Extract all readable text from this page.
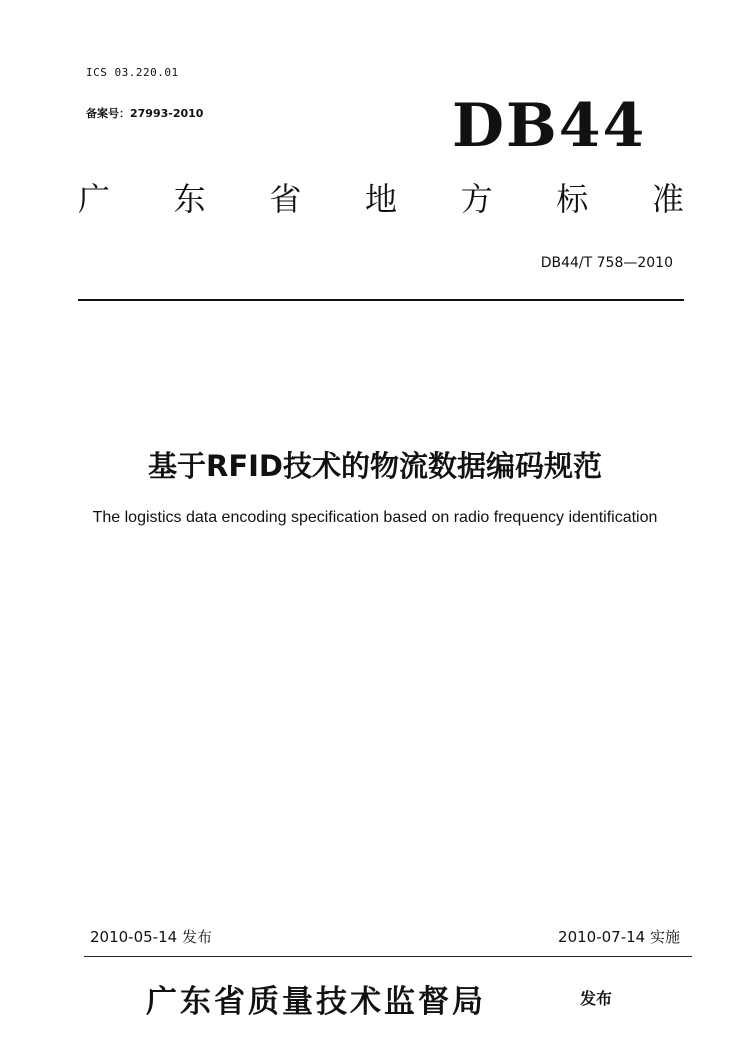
ICS 03.220.01
备案号：27993-2010	DB44
广 东 省 地 方 标 准
DB44/T 758—2010
基于RFID技术的物流数据编码规范
The logistics data encoding specification based on radio frequency identification
2010-05-14 发布	2010-07-14 实施
广东省质量技术监督局	发布
